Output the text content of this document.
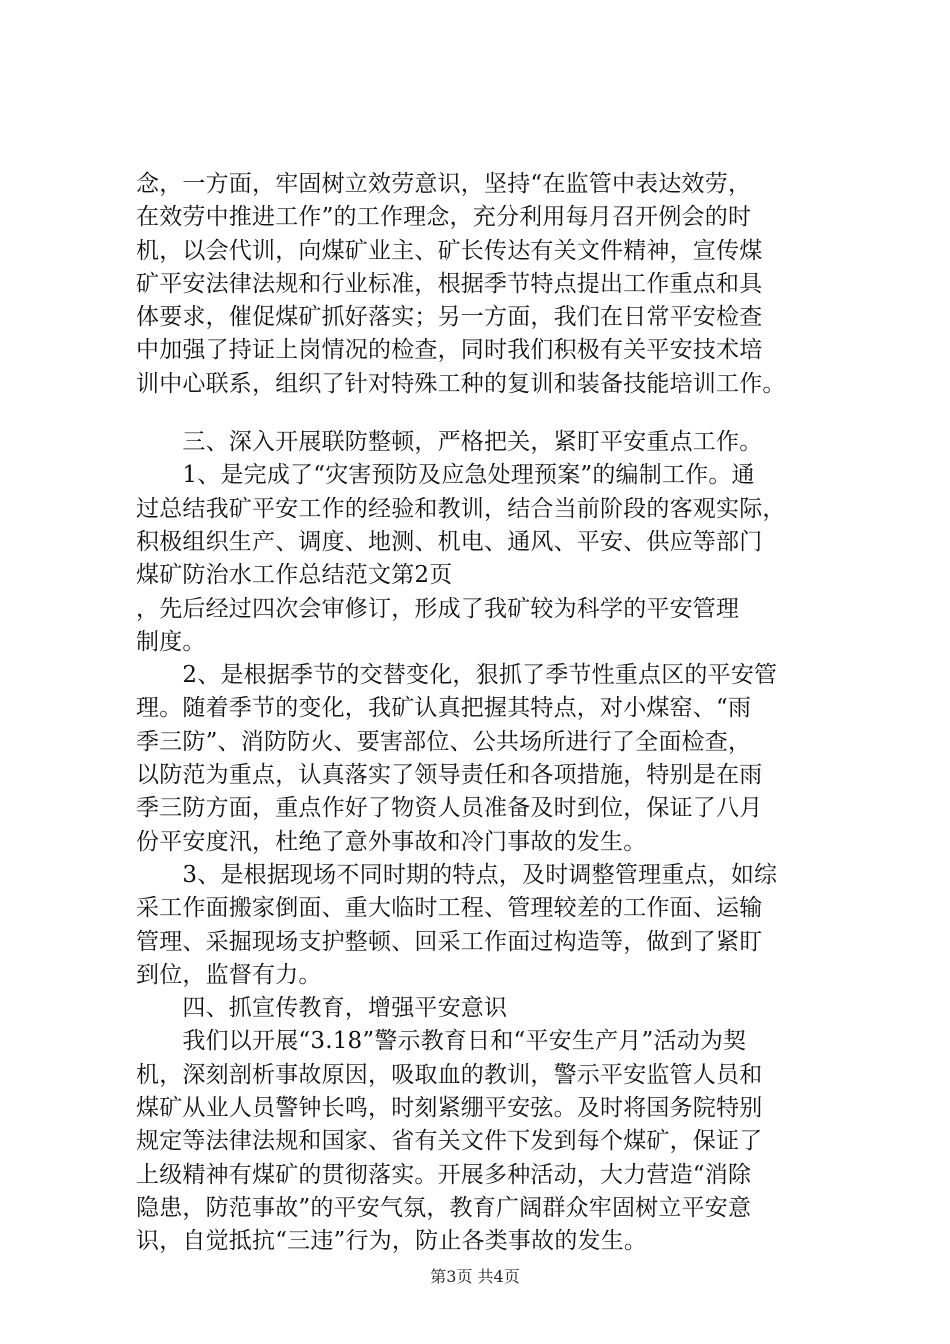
念，一方面，牢固树立效劳意识，坚持“在监管中表达效劳，
在效劳中推进工作”的工作理念，充分利用每月召开例会的时
机，以会代训，向煤矿业主、矿长传达有关文件精神，宣传煤
矿平安法律法规和行业标准，根据季节特点提出工作重点和具
体要求，催促煤矿抓好落实；另一方面，我们在日常平安检查
中加强了持证上岗情况的检查，同时我们积极有关平安技术培
训中心联系，组织了针对特殊工种的复训和装备技能培训工作。
　　三、深入开展联防整顿，严格把关，紧盯平安重点工作。
　　1、是完成了“灾害预防及应急处理预案”的编制工作。通
过总结我矿平安工作的经验和教训，结合当前阶段的客观实际，
积极组织生产、调度、地测、机电、通风、平安、供应等部门
煤矿防治水工作总结范文第2页
，先后经过四次会审修订，形成了我矿较为科学的平安管理
制度。
　　2、是根据季节的交替变化，狠抓了季节性重点区的平安管
理。随着季节的变化，我矿认真把握其特点，对小煤窑、“雨
季三防”、消防防火、要害部位、公共场所进行了全面检查，
以防范为重点，认真落实了领导责任和各项措施，特别是在雨
季三防方面，重点作好了物资人员准备及时到位，保证了八月
份平安度汛，杜绝了意外事故和冷门事故的发生。
　　3、是根据现场不同时期的特点，及时调整管理重点，如综
采工作面搬家倒面、重大临时工程、管理较差的工作面、运输
管理、采掘现场支护整顿、回采工作面过构造等，做到了紧盯
到位，监督有力。
　　四、抓宣传教育，增强平安意识
　　我们以开展“3.18”警示教育日和“平安生产月”活动为契
机，深刻剖析事故原因，吸取血的教训，警示平安监管人员和
煤矿从业人员警钟长鸣，时刻紧绷平安弦。及时将国务院特别
规定等法律法规和国家、省有关文件下发到每个煤矿，保证了
上级精神有煤矿的贯彻落实。开展多种活动，大力营造“消除
隐患，防范事故”的平安气氛，教育广阔群众牢固树立平安意
识，自觉抵抗“三违”行为，防止各类事故的发生。
第3页 共4页
